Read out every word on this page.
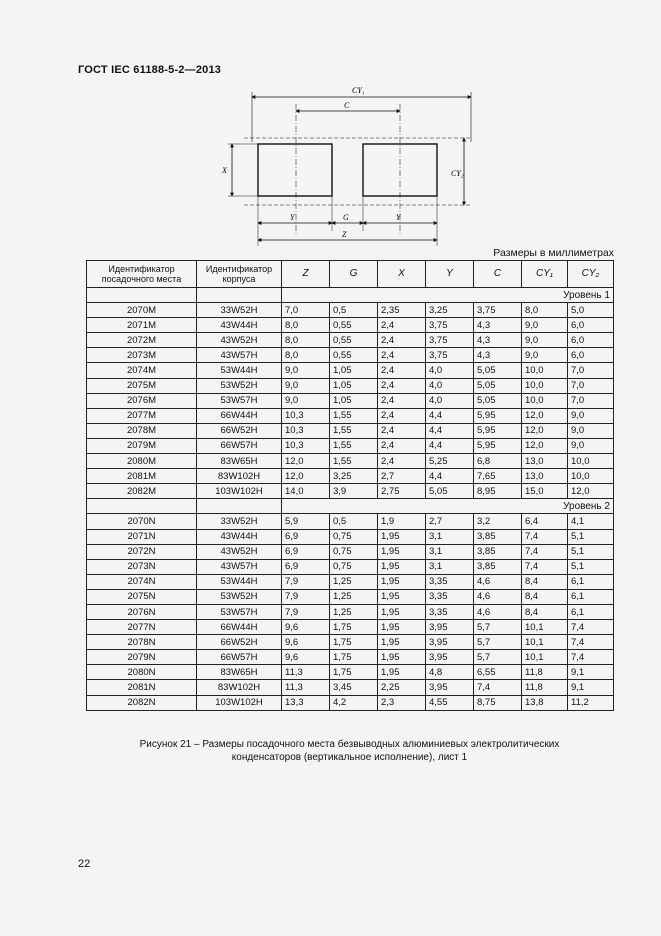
ГОСТ IEC 61188-5-2—2013
CY₁
C
X	CY₂
Y	G	Y
Z
Размеры в миллиметрах
Идентификатор посадочного места	Идентификатор корпуса	Z	G	X	Y	C	CY₁	CY₂
		Уровень 1						
2070M	33W52H	7,0	0,5	2,35	3,25	3,75	8,0	5,0
2071M	43W44H	8,0	0,55	2,4	3,75	4,3	9,0	6,0
2072M	43W52H	8,0	0,55	2,4	3,75	4,3	9,0	6,0
2073M	43W57H	8,0	0,55	2,4	3,75	4,3	9,0	6,0
2074M	53W44H	9,0	1,05	2,4	4,0	5,05	10,0	7,0
2075M	53W52H	9,0	1,05	2,4	4,0	5,05	10,0	7,0
2076M	53W57H	9,0	1,05	2,4	4,0	5,05	10,0	7,0
2077M	66W44H	10,3	1,55	2,4	4,4	5,95	12,0	9,0
2078M	66W52H	10,3	1,55	2,4	4,4	5,95	12,0	9,0
2079M	66W57H	10,3	1,55	2,4	4,4	5,95	12,0	9,0
2080M	83W65H	12,0	1,55	2,4	5,25	6,8	13,0	10,0
2081M	83W102H	12,0	3,25	2,7	4,4	7,65	13,0	10,0
2082M	103W102H	14,0	3,9	2,75	5,05	8,95	15,0	12,0
		Уровень 2						
2070N	33W52H	5,9	0,5	1,9	2,7	3,2	6,4	4,1
2071N	43W44H	6,9	0,75	1,95	3,1	3,85	7,4	5,1
2072N	43W52H	6,9	0,75	1,95	3,1	3,85	7,4	5,1
2073N	43W57H	6,9	0,75	1,95	3,1	3,85	7,4	5,1
2074N	53W44H	7,9	1,25	1,95	3,35	4,6	8,4	6,1
2075N	53W52H	7,9	1,25	1,95	3,35	4,6	8,4	6,1
2076N	53W57H	7,9	1,25	1,95	3,35	4,6	8,4	6,1
2077N	66W44H	9,6	1,75	1,95	3,95	5,7	10,1	7,4
2078N	66W52H	9,6	1,75	1,95	3,95	5,7	10,1	7,4
2079N	66W57H	9,6	1,75	1,95	3,95	5,7	10,1	7,4
2080N	83W65H	11,3	1,75	1,95	4,8	6,55	11,8	9,1
2081N	83W102H	11,3	3,45	2,25	3,95	7,4	11,8	9,1
2082N	103W102H	13,3	4,2	2,3	4,55	8,75	13,8	11,2
Рисунок 21 – Размеры посадочного места безвыводных алюминиевых электролитических
конденсаторов (вертикальное исполнение), лист 1
22
